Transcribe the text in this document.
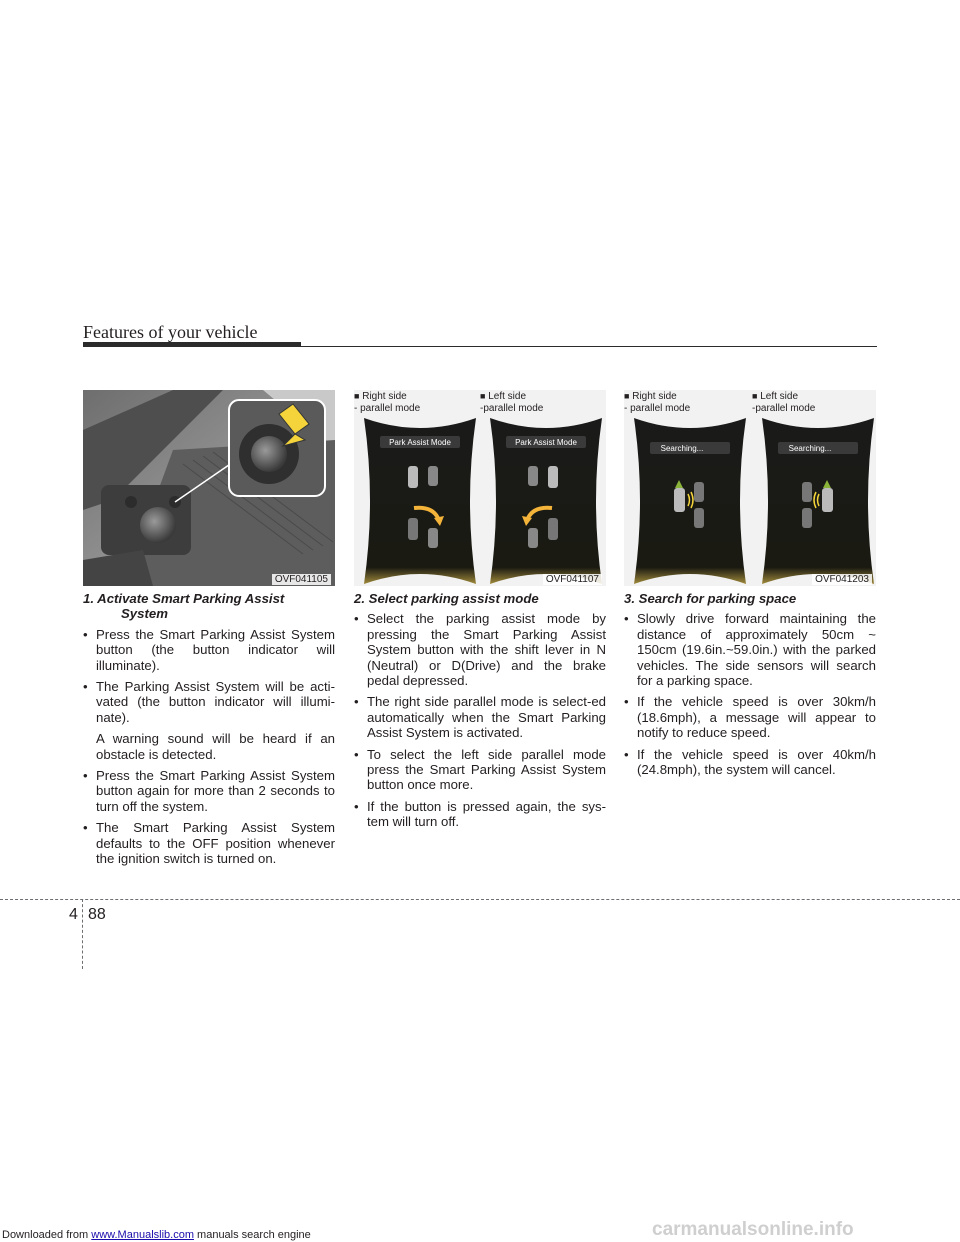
Features of your vehicle
OVF041105
■ Right side
- parallel mode
■ Left side
-parallel mode
Park Assist Mode	Park Assist Mode
OVF041107
■ Right side
- parallel mode
■ Left side
-parallel mode
Searching...	Searching...
OVF041203
1. Activate Smart Parking Assist
System
• Press the Smart Parking Assist System button (the button indicator will illuminate).
• The Parking Assist System will be acti-vated (the button indicator will illumi-nate).
A warning sound will be heard if an obstacle is detected.
• Press the Smart Parking Assist System button again for more than 2 seconds to turn off the system.
• The Smart Parking Assist System defaults to the OFF position whenever the ignition switch is turned on.
2. Select parking assist mode
• Select the parking assist mode by pressing the Smart Parking Assist System button with the shift lever in N (Neutral) or D(Drive) and the brake pedal depressed.
• The right side parallel mode is select-ed automatically when the Smart Parking Assist System is activated.
• To select the left side parallel mode press the Smart Parking Assist System button once more.
• If the button is pressed again, the sys-tem will turn off.
3. Search for parking space
• Slowly drive forward maintaining the distance of approximately 50cm ~ 150cm (19.6in.~59.0in.) with the parked vehicles. The side sensors will search for a parking space.
• If the vehicle speed is over 30km/h (18.6mph), a message will appear to notify to reduce speed.
• If the vehicle speed is over 40km/h (24.8mph), the system will cancel.
4 88
Downloaded from www.Manualslib.com manuals search engine	carmanualsonline.info
